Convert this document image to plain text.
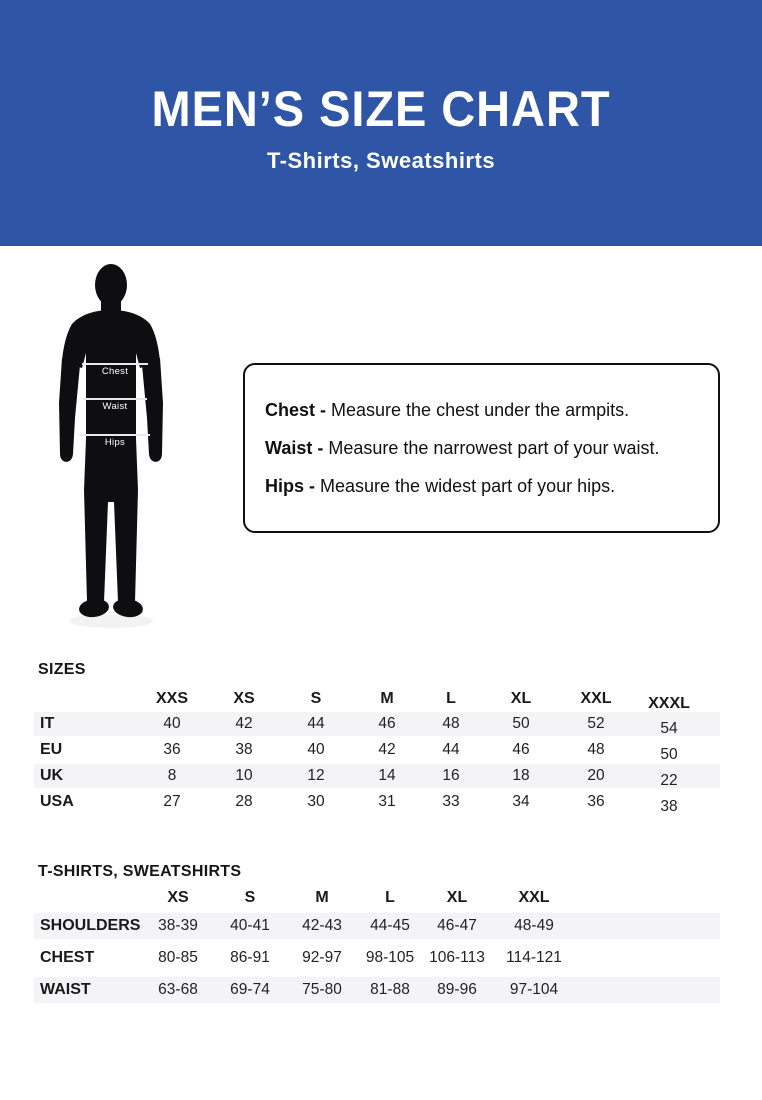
MEN’S SIZE CHART

T-Shirts, Sweatshirts

Chest
Waist
Hips

Chest - Measure the chest under the armpits.

Waist - Measure the narrowest part of your waist.

Hips - Measure the widest part of your hips.

SIZES
XXS	XS	S	M	L	XL	XXL	XXXL
IT	40	42	44	46	48	50	52	54
EU	36	38	40	42	44	46	48	50
UK	8	10	12	14	16	18	20	22
USA	27	28	30	31	33	34	36	38
T-SHIRTS, SWEATSHIRTS
XS	S	M	L	XL	XXL
SHOULDERS	38-39	40-41	42-43	44-45	46-47	48-49
CHEST	80-85	86-91	92-97	98-105 106-113	114-121
WAIST	63-68	69-74	75-80	81-88	89-96	97-104
